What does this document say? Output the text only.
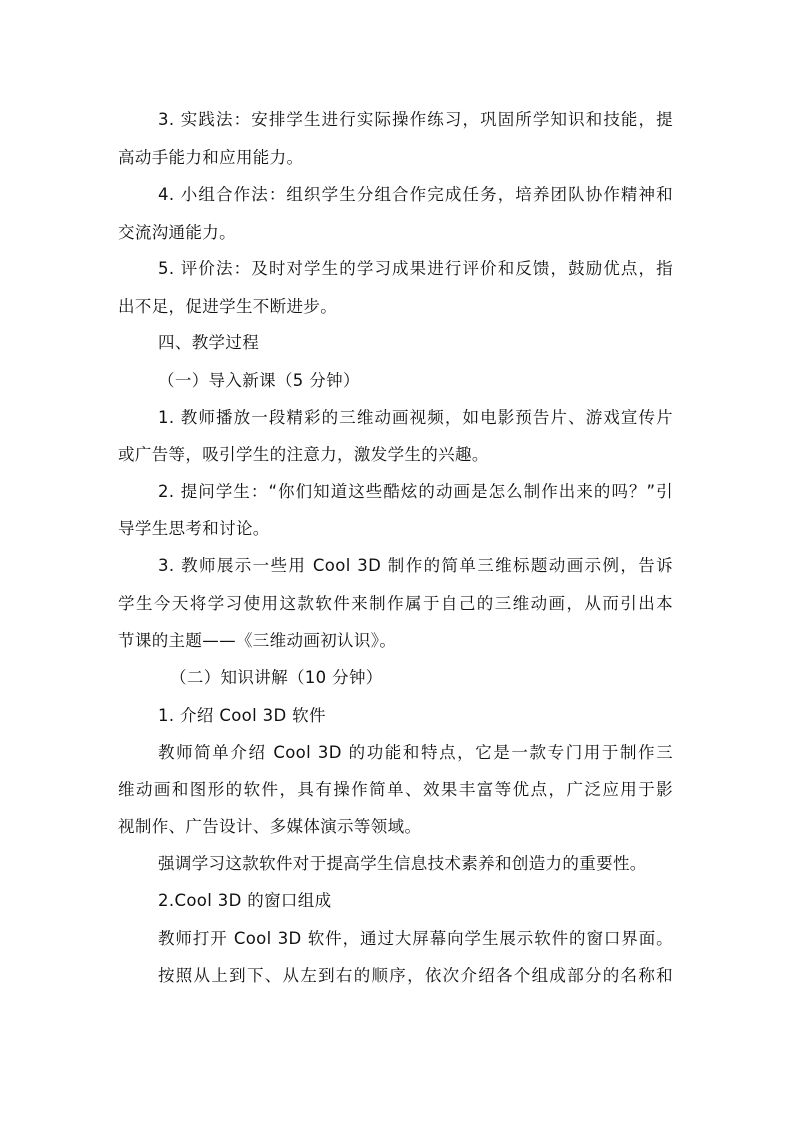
3. 实践法：安排学生进行实际操作练习，巩固所学知识和技能，提
高动手能力和应用能力。
4. 小组合作法：组织学生分组合作完成任务，培养团队协作精神和
交流沟通能力。
5. 评价法：及时对学生的学习成果进行评价和反馈，鼓励优点，指
出不足，促进学生不断进步。
四、教学过程
（一）导入新课（5 分钟）
1. 教师播放一段精彩的三维动画视频，如电影预告片、游戏宣传片
或广告等，吸引学生的注意力，激发学生的兴趣。
2. 提问学生：“你们知道这些酷炫的动画是怎么制作出来的吗？”引
导学生思考和讨论。
3. 教师展示一些用 Cool 3D 制作的简单三维标题动画示例，告诉
学生今天将学习使用这款软件来制作属于自己的三维动画，从而引出本
节课的主题——《三维动画初认识》。
（二）知识讲解（10 分钟）
1. 介绍 Cool 3D 软件
教师简单介绍 Cool 3D 的功能和特点，它是一款专门用于制作三
维动画和图形的软件，具有操作简单、效果丰富等优点，广泛应用于影
视制作、广告设计、多媒体演示等领域。
强调学习这款软件对于提高学生信息技术素养和创造力的重要性。
2.Cool 3D 的窗口组成
教师打开 Cool 3D 软件，通过大屏幕向学生展示软件的窗口界面。
按照从上到下、从左到右的顺序，依次介绍各个组成部分的名称和
